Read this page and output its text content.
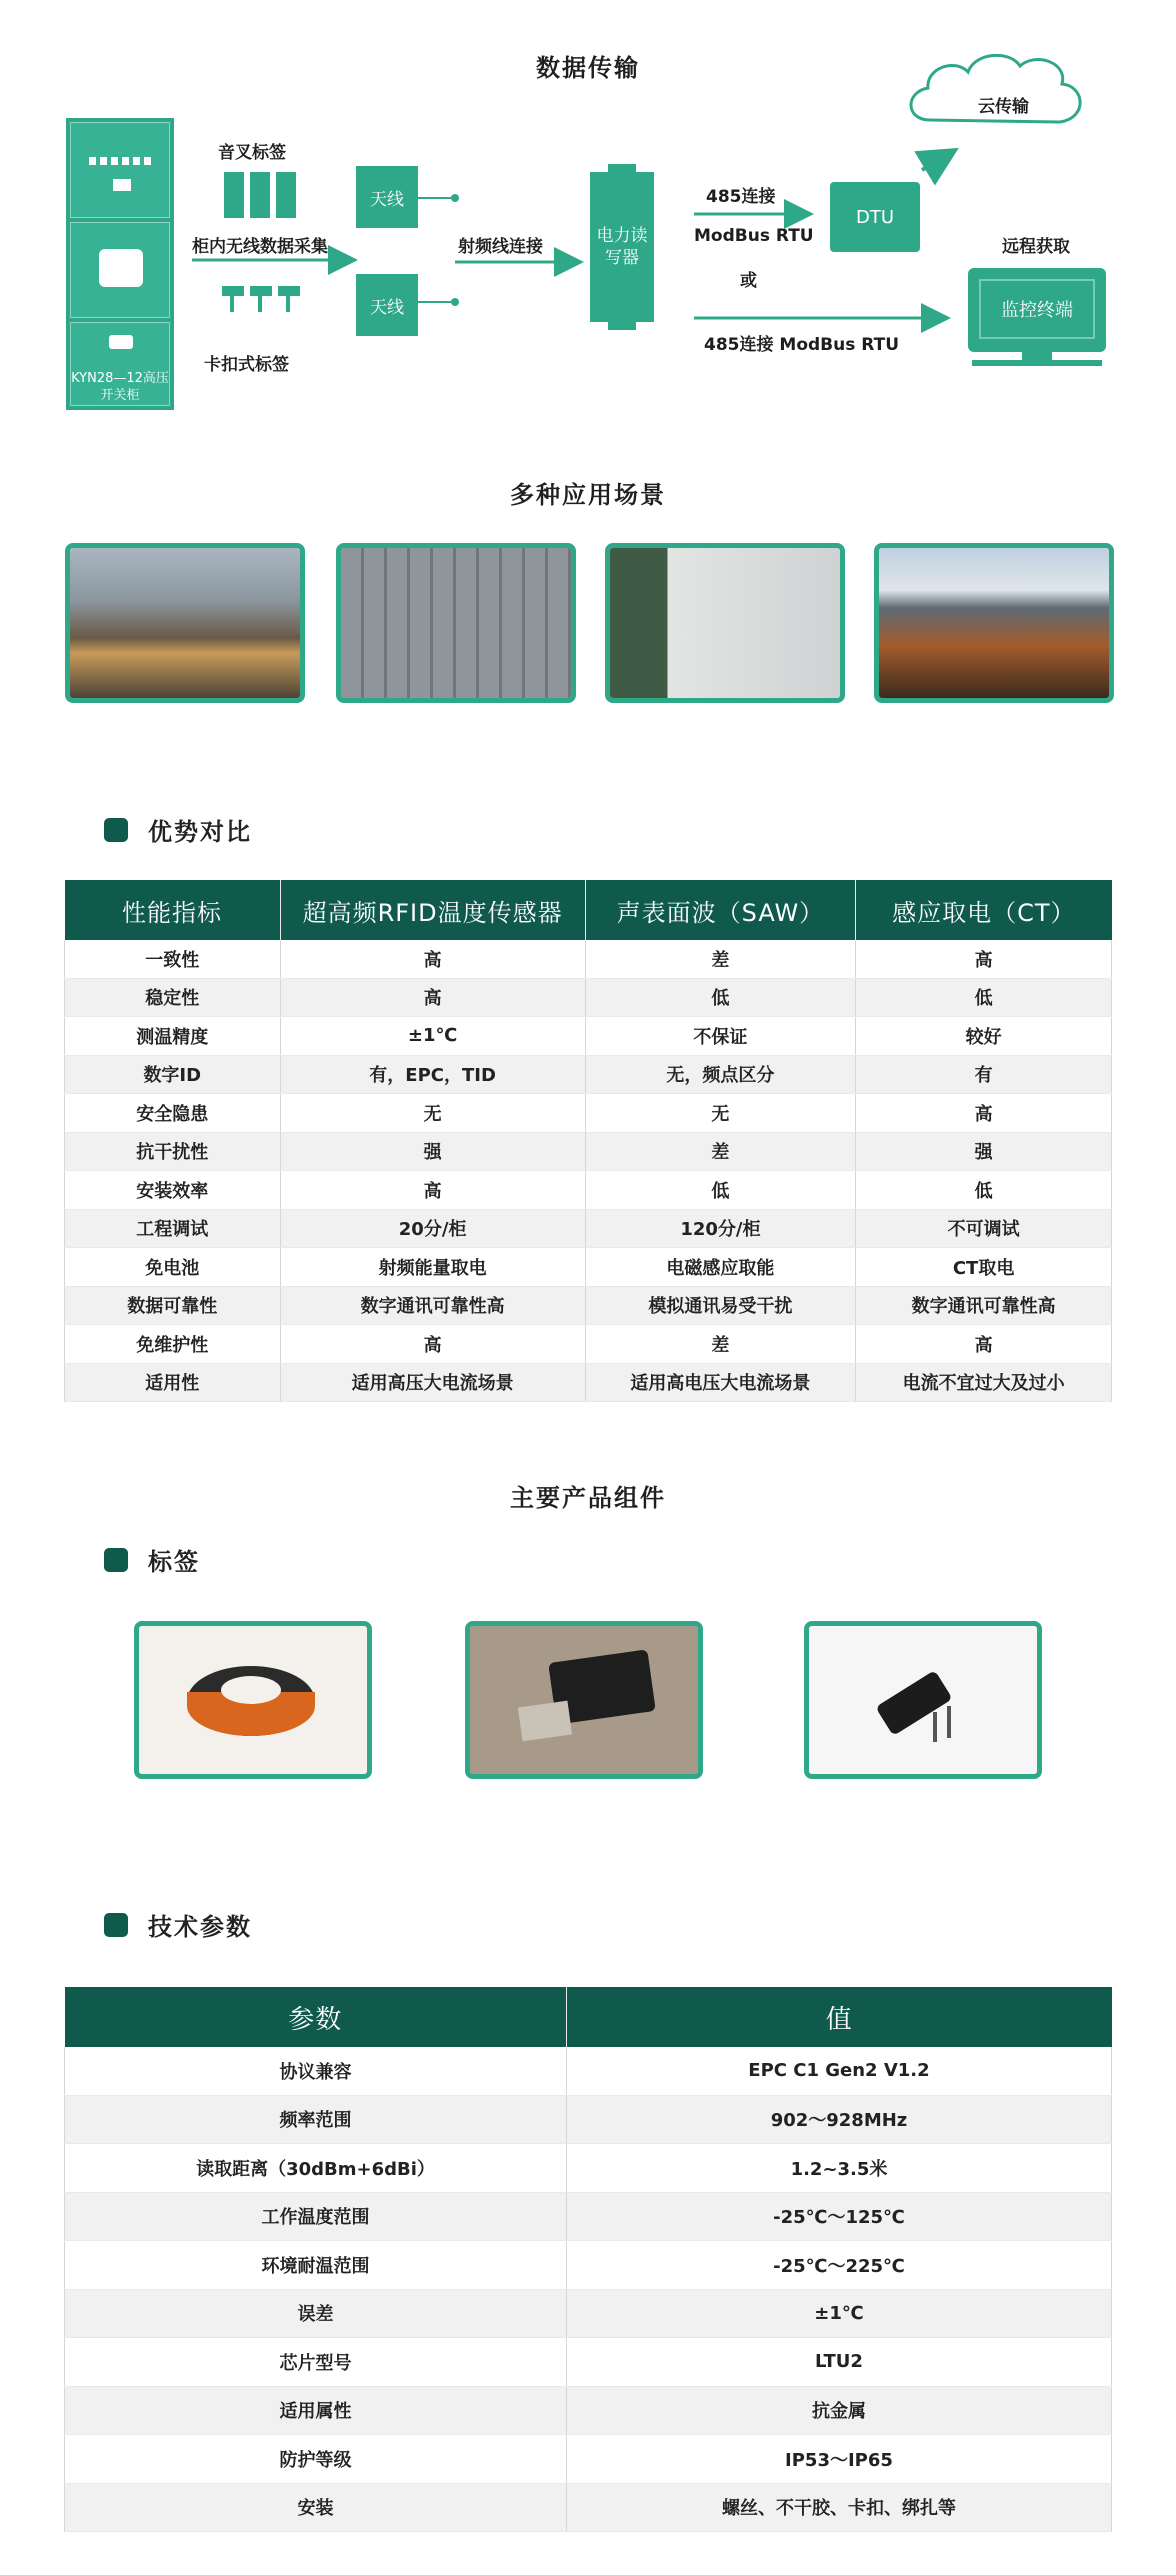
数据传输
KYN28—12高压开关柜
音叉标签
柜内无线数据采集
卡扣式标签
天线
天线
射频线连接
电力读写器
485连接
ModBus RTU
或
485连接 ModBus RTU
DTU
云传输
远程获取
监控终端
多种应用场景
优势对比
性能指标	超高频RFID温度传感器	声表面波（SAW）	感应取电（CT）
一致性	高	差	高
稳定性	高	低	低
测温精度	±1℃	不保证	较好
数字ID	有，EPC，TID	无，频点区分	有
安全隐患	无	无	高
抗干扰性	强	差	强
安装效率	高	低	低
工程调试	20分/柜	120分/柜	不可调试
免电池	射频能量取电	电磁感应取能	CT取电
数据可靠性	数字通讯可靠性高	模拟通讯易受干扰	数字通讯可靠性高
免维护性	高	差	高
适用性	适用高压大电流场景	适用高电压大电流场景	电流不宜过大及过小
主要产品组件
标签
技术参数
参数	值
协议兼容	EPC C1 Gen2 V1.2
频率范围	902～928MHz
读取距离（30dBm+6dBi）	1.2~3.5米
工作温度范围	-25℃～125℃
环境耐温范围	-25℃～225℃
误差	±1℃
芯片型号	LTU2
适用属性	抗金属
防护等级	IP53～IP65
安装	螺丝、不干胶、卡扣、绑扎等
